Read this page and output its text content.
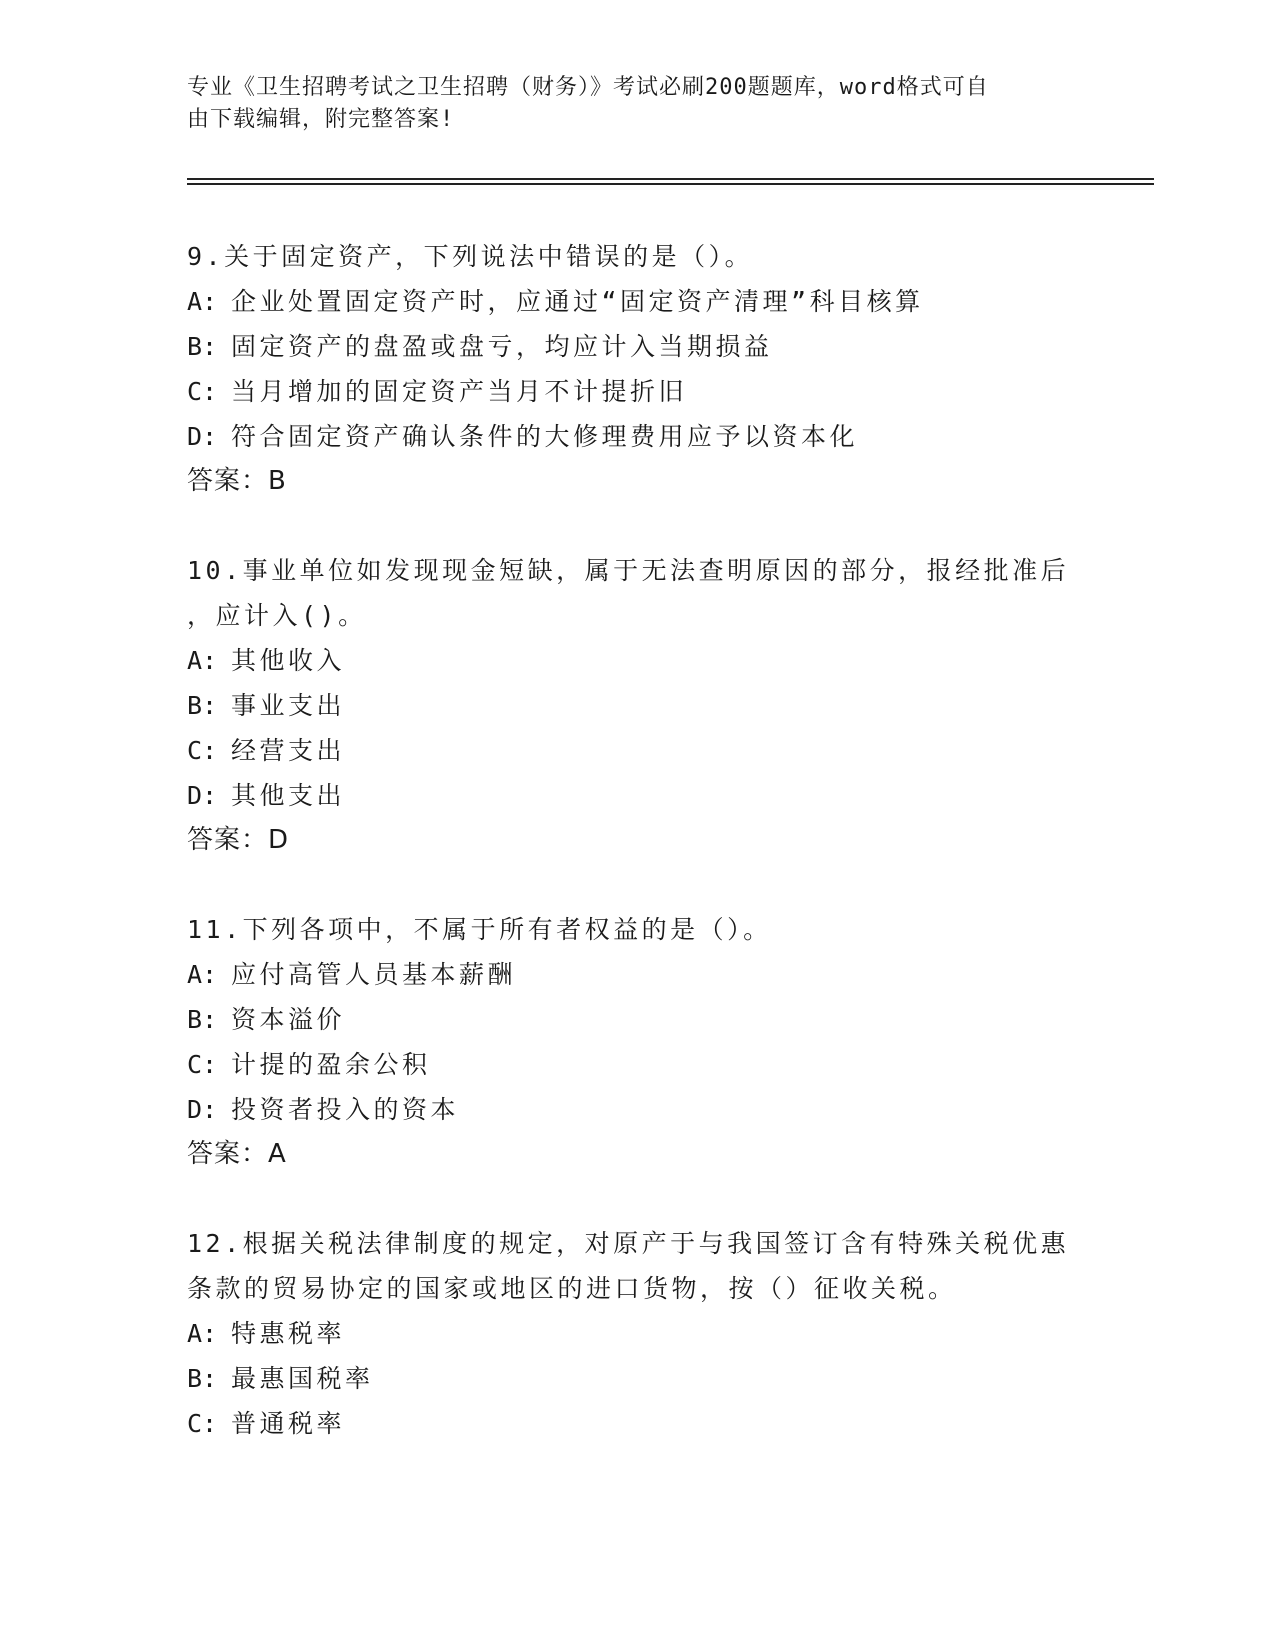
专业《卫生招聘考试之卫生招聘（财务）》考试必刷200题题库，word格式可自
由下载编辑，附完整答案!
9.关于固定资产，下列说法中错误的是（）。
A: 企业处置固定资产时，应通过“固定资产清理”科目核算
B: 固定资产的盘盈或盘亏，均应计入当期损益
C: 当月增加的固定资产当月不计提折旧
D: 符合固定资产确认条件的大修理费用应予以资本化
答案：B
10.事业单位如发现现金短缺，属于无法查明原因的部分，报经批准后
，应计入()。
A: 其他收入
B: 事业支出
C: 经营支出
D: 其他支出
答案：D
11.下列各项中，不属于所有者权益的是（）。
A: 应付高管人员基本薪酬
B: 资本溢价
C: 计提的盈余公积
D: 投资者投入的资本
答案：A
12.根据关税法律制度的规定，对原产于与我国签订含有特殊关税优惠
条款的贸易协定的国家或地区的进口货物，按（）征收关税。
A: 特惠税率
B: 最惠国税率
C: 普通税率
